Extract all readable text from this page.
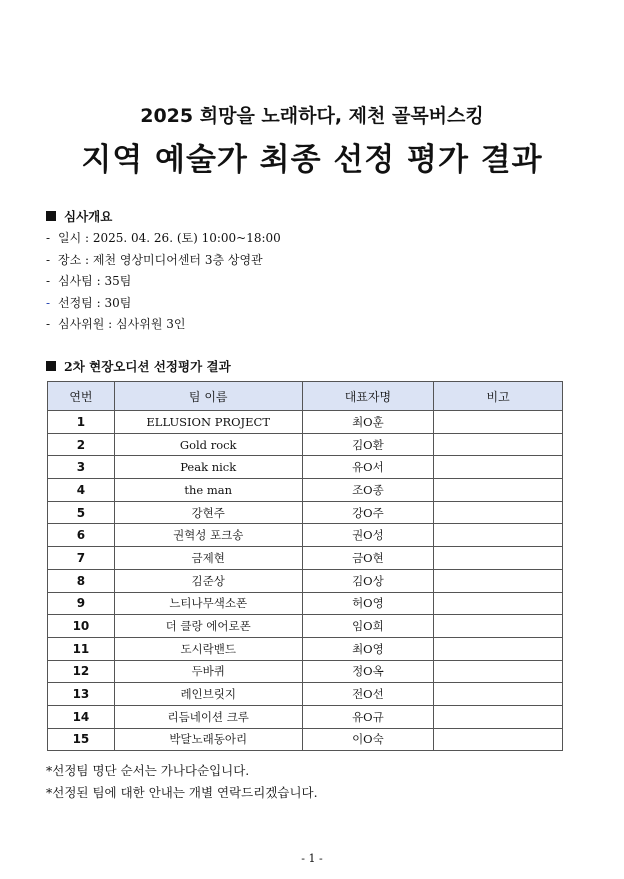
2025 희망을 노래하다, 제천 골목버스킹
지역 예술가 최종 선정 평가 결과
심사개요
- 일시 : 2025. 04. 26. (토) 10:00~18:00
- 장소 : 제천 영상미디어센터 3층 상영관
- 심사팀 : 35팀
- 선정팀 : 30팀
- 심사위원 : 심사위원 3인
2차 현장오디션 선정평가 결과
연번	팀 이름	대표자명	비고
1	ELLUSION PROJECT	최O훈	
2	Gold rock	김O환	
3	Peak nick	유O서	
4	the man	조O종	
5	강현주	강O주	
6	권혁성 포크송	권O성	
7	금제현	금O현	
8	김준상	김O상	
9	느티나무색소폰	허O영	
10	더 클랑 에어로폰	임O희	
11	도시락밴드	최O영	
12	두바퀴	정O옥	
13	레인브릿지	전O선	
14	리듬네이션 크루	유O규	
15	박달노래동아리	이O숙	
*선정팀 명단 순서는 가나다순입니다.
*선정된 팀에 대한 안내는 개별 연락드리겠습니다.
- 1 -
